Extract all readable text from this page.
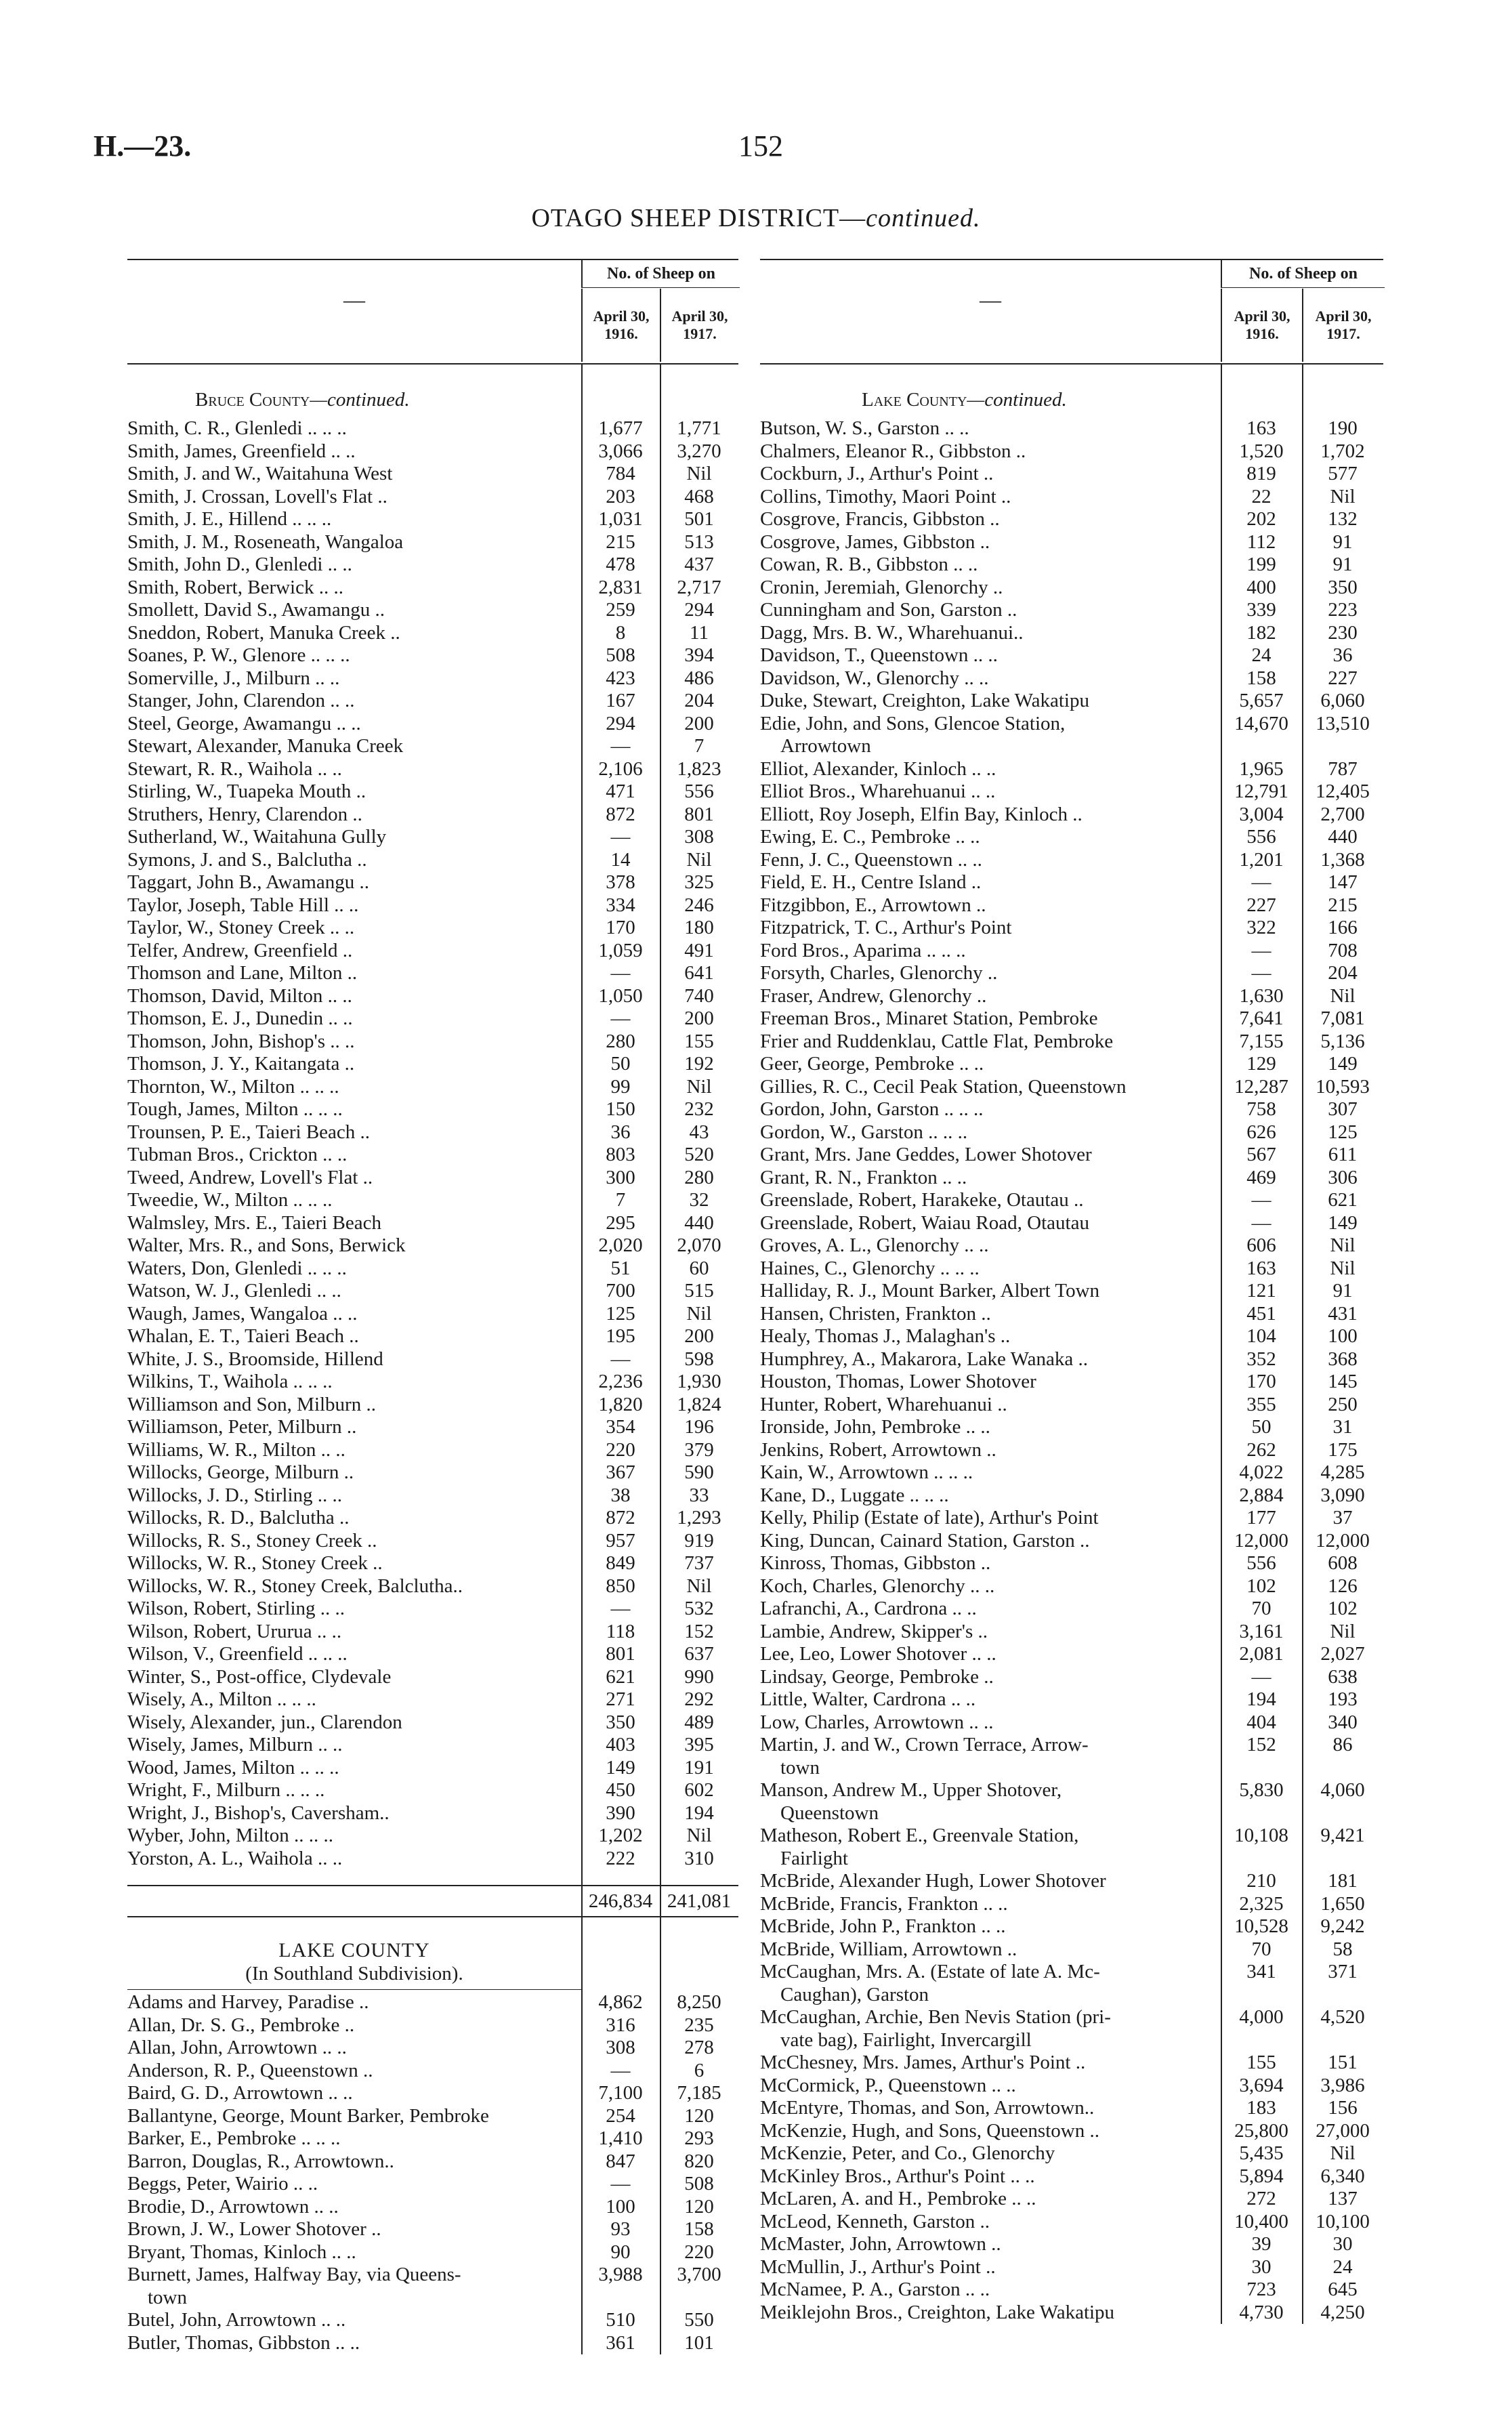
H.—23.	152
OTAGO SHEEP DISTRICT—continued.
—
No. of Sheep on
April 30,
1916.
April 30,
1917.
Bruce County—continued.
Smith, C. R., Glenledi .. .. ..	1,677	1,771
Smith, James, Greenfield .. ..	3,066	3,270
Smith, J. and W., Waitahuna West	784	Nil
Smith, J. Crossan, Lovell's Flat ..	203	468
Smith, J. E., Hillend .. .. ..	1,031	501
Smith, J. M., Roseneath, Wangaloa	215	513
Smith, John D., Glenledi .. ..	478	437
Smith, Robert, Berwick .. ..	2,831	2,717
Smollett, David S., Awamangu ..	259	294
Sneddon, Robert, Manuka Creek ..	8	11
Soanes, P. W., Glenore .. .. ..	508	394
Somerville, J., Milburn .. ..	423	486
Stanger, John, Clarendon .. ..	167	204
Steel, George, Awamangu .. ..	294	200
Stewart, Alexander, Manuka Creek	—	7
Stewart, R. R., Waihola .. ..	2,106	1,823
Stirling, W., Tuapeka Mouth ..	471	556
Struthers, Henry, Clarendon ..	872	801
Sutherland, W., Waitahuna Gully	—	308
Symons, J. and S., Balclutha ..	14	Nil
Taggart, John B., Awamangu ..	378	325
Taylor, Joseph, Table Hill .. ..	334	246
Taylor, W., Stoney Creek .. ..	170	180
Telfer, Andrew, Greenfield ..	1,059	491
Thomson and Lane, Milton ..	—	641
Thomson, David, Milton .. ..	1,050	740
Thomson, E. J., Dunedin .. ..	—	200
Thomson, John, Bishop's .. ..	280	155
Thomson, J. Y., Kaitangata ..	50	192
Thornton, W., Milton .. .. ..	99	Nil
Tough, James, Milton .. .. ..	150	232
Trounsen, P. E., Taieri Beach ..	36	43
Tubman Bros., Crickton .. ..	803	520
Tweed, Andrew, Lovell's Flat ..	300	280
Tweedie, W., Milton .. .. ..	7	32
Walmsley, Mrs. E., Taieri Beach	295	440
Walter, Mrs. R., and Sons, Berwick	2,020	2,070
Waters, Don, Glenledi .. .. ..	51	60
Watson, W. J., Glenledi .. ..	700	515
Waugh, James, Wangaloa .. ..	125	Nil
Whalan, E. T., Taieri Beach ..	195	200
White, J. S., Broomside, Hillend	—	598
Wilkins, T., Waihola .. .. ..	2,236	1,930
Williamson and Son, Milburn ..	1,820	1,824
Williamson, Peter, Milburn ..	354	196
Williams, W. R., Milton .. ..	220	379
Willocks, George, Milburn ..	367	590
Willocks, J. D., Stirling .. ..	38	33
Willocks, R. D., Balclutha ..	872	1,293
Willocks, R. S., Stoney Creek ..	957	919
Willocks, W. R., Stoney Creek ..	849	737
Willocks, W. R., Stoney Creek, Balclutha..	850	Nil
Wilson, Robert, Stirling .. ..	—	532
Wilson, Robert, Ururua .. ..	118	152
Wilson, V., Greenfield .. .. ..	801	637
Winter, S., Post-office, Clydevale	621	990
Wisely, A., Milton .. .. ..	271	292
Wisely, Alexander, jun., Clarendon	350	489
Wisely, James, Milburn .. ..	403	395
Wood, James, Milton .. .. ..	149	191
Wright, F., Milburn .. .. ..	450	602
Wright, J., Bishop's, Caversham..	390	194
Wyber, John, Milton .. .. ..	1,202	Nil
Yorston, A. L., Waihola .. ..	222	310
246,834 241,081
LAKE COUNTY
(In Southland Subdivision).
Adams and Harvey, Paradise ..	4,862	8,250
Allan, Dr. S. G., Pembroke ..	316	235
Allan, John, Arrowtown .. ..	308	278
Anderson, R. P., Queenstown ..	—	6
Baird, G. D., Arrowtown .. ..	7,100	7,185
Ballantyne, George, Mount Barker, Pembroke	254	120
Barker, E., Pembroke .. .. ..	1,410	293
Barron, Douglas, R., Arrowtown..	847	820
Beggs, Peter, Wairio .. ..	—	508
Brodie, D., Arrowtown .. ..	100	120
Brown, J. W., Lower Shotover ..	93	158
Bryant, Thomas, Kinloch .. ..	90	220
Burnett, James, Halfway Bay, via Queens-
town
3,988	3,700
Butel, John, Arrowtown .. ..	510	550
Butler, Thomas, Gibbston .. ..	361	101
—
No. of Sheep on
April 30,
1916.
April 30,
1917.
Lake County—continued.
Butson, W. S., Garston .. ..	163	190
Chalmers, Eleanor R., Gibbston ..	1,520	1,702
Cockburn, J., Arthur's Point ..	819	577
Collins, Timothy, Maori Point ..	22	Nil
Cosgrove, Francis, Gibbston ..	202	132
Cosgrove, James, Gibbston ..	112	91
Cowan, R. B., Gibbston .. ..	199	91
Cronin, Jeremiah, Glenorchy ..	400	350
Cunningham and Son, Garston ..	339	223
Dagg, Mrs. B. W., Wharehuanui..	182	230
Davidson, T., Queenstown .. ..	24	36
Davidson, W., Glenorchy .. ..	158	227
Duke, Stewart, Creighton, Lake Wakatipu	5,657	6,060
Edie, John, and Sons, Glencoe Station,
Arrowtown
14,670	13,510
Elliot, Alexander, Kinloch .. ..	1,965	787
Elliot Bros., Wharehuanui .. ..	12,791	12,405
Elliott, Roy Joseph, Elfin Bay, Kinloch ..	3,004	2,700
Ewing, E. C., Pembroke .. ..	556	440
Fenn, J. C., Queenstown .. ..	1,201	1,368
Field, E. H., Centre Island ..	—	147
Fitzgibbon, E., Arrowtown ..	227	215
Fitzpatrick, T. C., Arthur's Point	322	166
Ford Bros., Aparima .. .. ..	—	708
Forsyth, Charles, Glenorchy ..	—	204
Fraser, Andrew, Glenorchy ..	1,630	Nil
Freeman Bros., Minaret Station, Pembroke	7,641	7,081
Frier and Ruddenklau, Cattle Flat, Pembroke	7,155	5,136
Geer, George, Pembroke .. ..	129	149
Gillies, R. C., Cecil Peak Station, Queenstown	12,287	10,593
Gordon, John, Garston .. .. ..	758	307
Gordon, W., Garston .. .. ..	626	125
Grant, Mrs. Jane Geddes, Lower Shotover	567	611
Grant, R. N., Frankton .. ..	469	306
Greenslade, Robert, Harakeke, Otautau ..	—	621
Greenslade, Robert, Waiau Road, Otautau	—	149
Groves, A. L., Glenorchy .. ..	606	Nil
Haines, C., Glenorchy .. .. ..	163	Nil
Halliday, R. J., Mount Barker, Albert Town	121	91
Hansen, Christen, Frankton ..	451	431
Healy, Thomas J., Malaghan's ..	104	100
Humphrey, A., Makarora, Lake Wanaka ..	352	368
Houston, Thomas, Lower Shotover	170	145
Hunter, Robert, Wharehuanui ..	355	250
Ironside, John, Pembroke .. ..	50	31
Jenkins, Robert, Arrowtown ..	262	175
Kain, W., Arrowtown .. .. ..	4,022	4,285
Kane, D., Luggate .. .. ..	2,884	3,090
Kelly, Philip (Estate of late), Arthur's Point	177	37
King, Duncan, Cainard Station, Garston ..	12,000	12,000
Kinross, Thomas, Gibbston ..	556	608
Koch, Charles, Glenorchy .. ..	102	126
Lafranchi, A., Cardrona .. ..	70	102
Lambie, Andrew, Skipper's ..	3,161	Nil
Lee, Leo, Lower Shotover .. ..	2,081	2,027
Lindsay, George, Pembroke ..	—	638
Little, Walter, Cardrona .. ..	194	193
Low, Charles, Arrowtown .. ..	404	340
Martin, J. and W., Crown Terrace, Arrow-
town
152	86
Manson, Andrew M., Upper Shotover,
Queenstown
5,830	4,060
Matheson, Robert E., Greenvale Station,
Fairlight
10,108	9,421
McBride, Alexander Hugh, Lower Shotover	210	181
McBride, Francis, Frankton .. ..	2,325	1,650
McBride, John P., Frankton .. ..	10,528	9,242
McBride, William, Arrowtown ..	70	58
McCaughan, Mrs. A. (Estate of late A. Mc-
Caughan), Garston
341	371
McCaughan, Archie, Ben Nevis Station (pri-
vate bag), Fairlight, Invercargill
4,000	4,520
McChesney, Mrs. James, Arthur's Point ..	155	151
McCormick, P., Queenstown .. ..	3,694	3,986
McEntyre, Thomas, and Son, Arrowtown..	183	156
McKenzie, Hugh, and Sons, Queenstown ..	25,800	27,000
McKenzie, Peter, and Co., Glenorchy	5,435	Nil
McKinley Bros., Arthur's Point .. ..	5,894	6,340
McLaren, A. and H., Pembroke .. ..	272	137
McLeod, Kenneth, Garston ..	10,400	10,100
McMaster, John, Arrowtown ..	39	30
McMullin, J., Arthur's Point ..	30	24
McNamee, P. A., Garston .. ..	723	645
Meiklejohn Bros., Creighton, Lake Wakatipu	4,730	4,250
